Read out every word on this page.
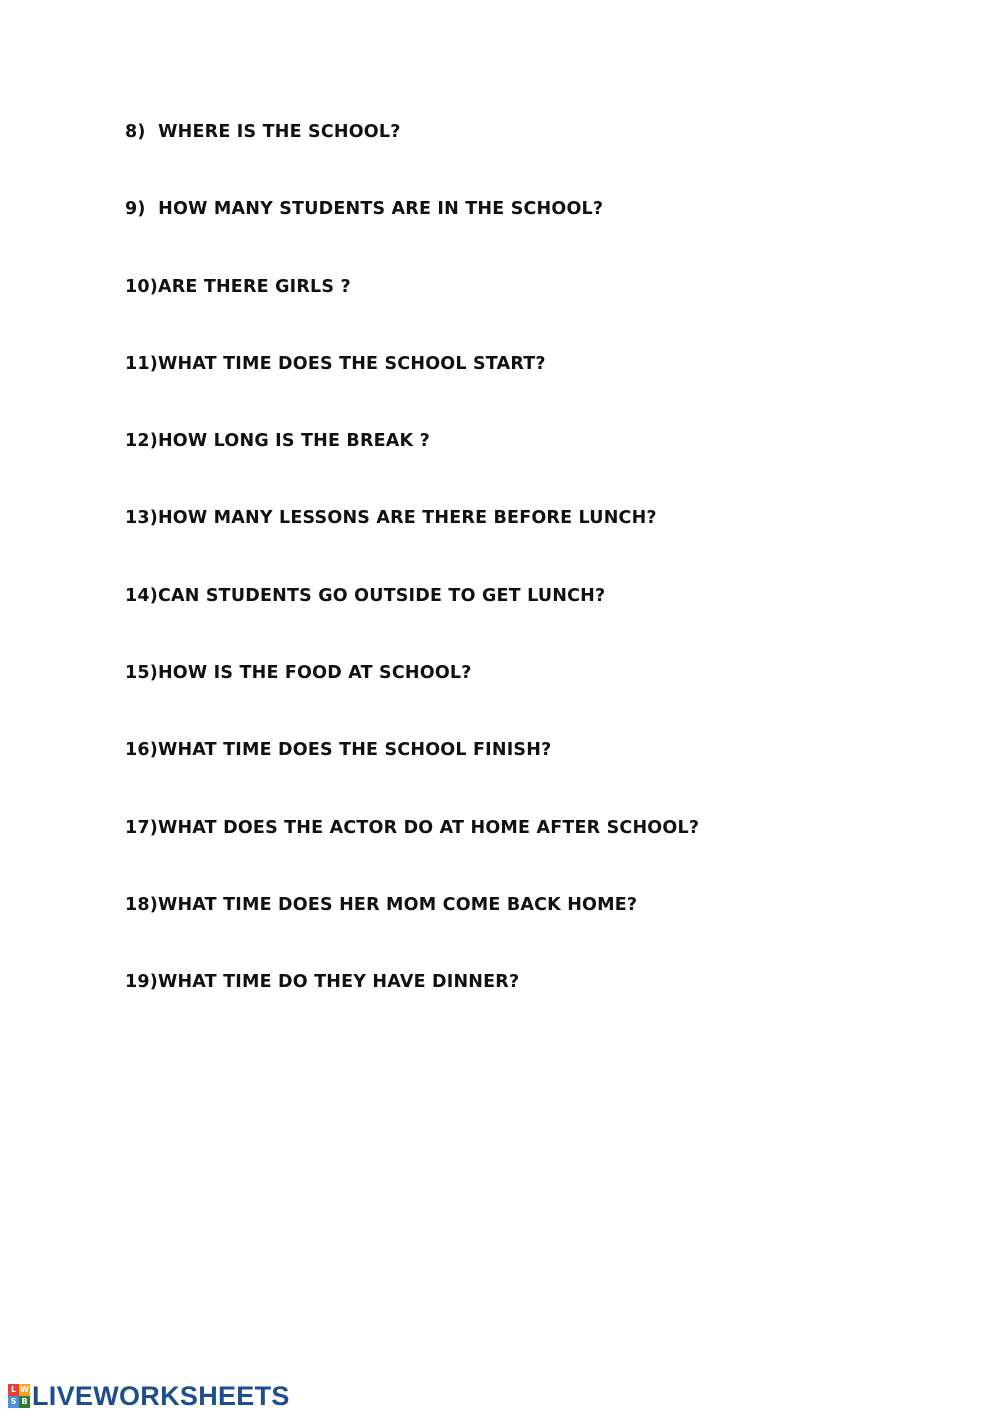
8)  WHERE IS THE SCHOOL?
9)  HOW MANY STUDENTS ARE IN THE SCHOOL?
10)ARE THERE GIRLS ?
11)WHAT TIME DOES THE SCHOOL START?
12)HOW LONG IS THE BREAK ?
13)HOW MANY LESSONS ARE THERE BEFORE LUNCH?
14)CAN STUDENTS GO OUTSIDE TO GET LUNCH?
15)HOW IS THE FOOD AT SCHOOL?
16)WHAT TIME DOES THE SCHOOL FINISH?
17)WHAT DOES THE ACTOR DO AT HOME AFTER SCHOOL?
18)WHAT TIME DOES HER MOM COME BACK HOME?
19)WHAT TIME DO THEY HAVE DINNER?
L W
S B LIVEWORKSHEETS
